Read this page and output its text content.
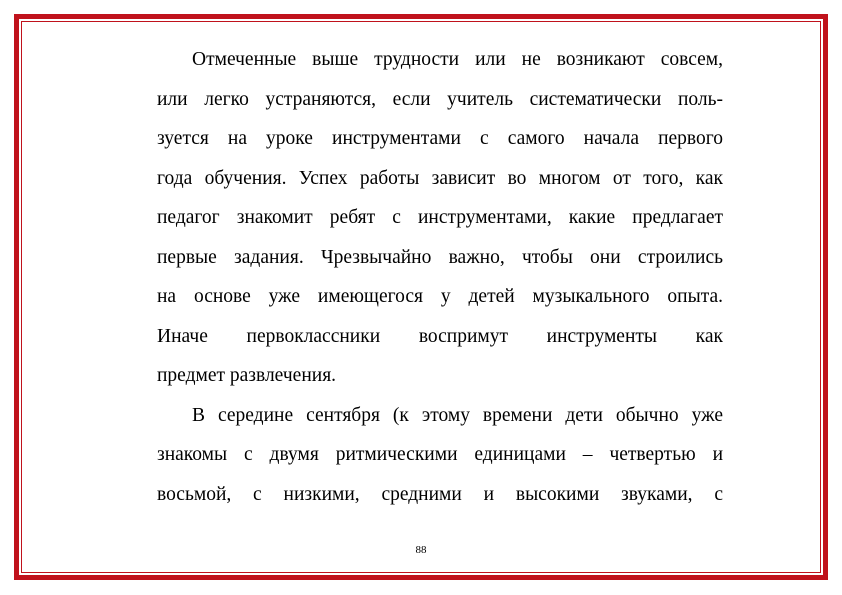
Отмеченные выше трудности или не возникают совсем,
или легко устраняются, если учитель систематически поль-
зуется на уроке инструментами с самого начала первого
года обучения. Успех работы зависит во многом от того, как
педагог знакомит ребят с инструментами, какие предлагает
первые задания. Чрезвычайно важно, чтобы они строились
на основе уже имеющегося у детей музыкального опыта.
Иначе первоклассники воспримут инструменты как
предмет развлечения.
В середине сентября (к этому времени дети обычно уже
знакомы с двумя ритмическими единицами – четвертью и
восьмой, с низкими, средними и высокими звуками, с
88
